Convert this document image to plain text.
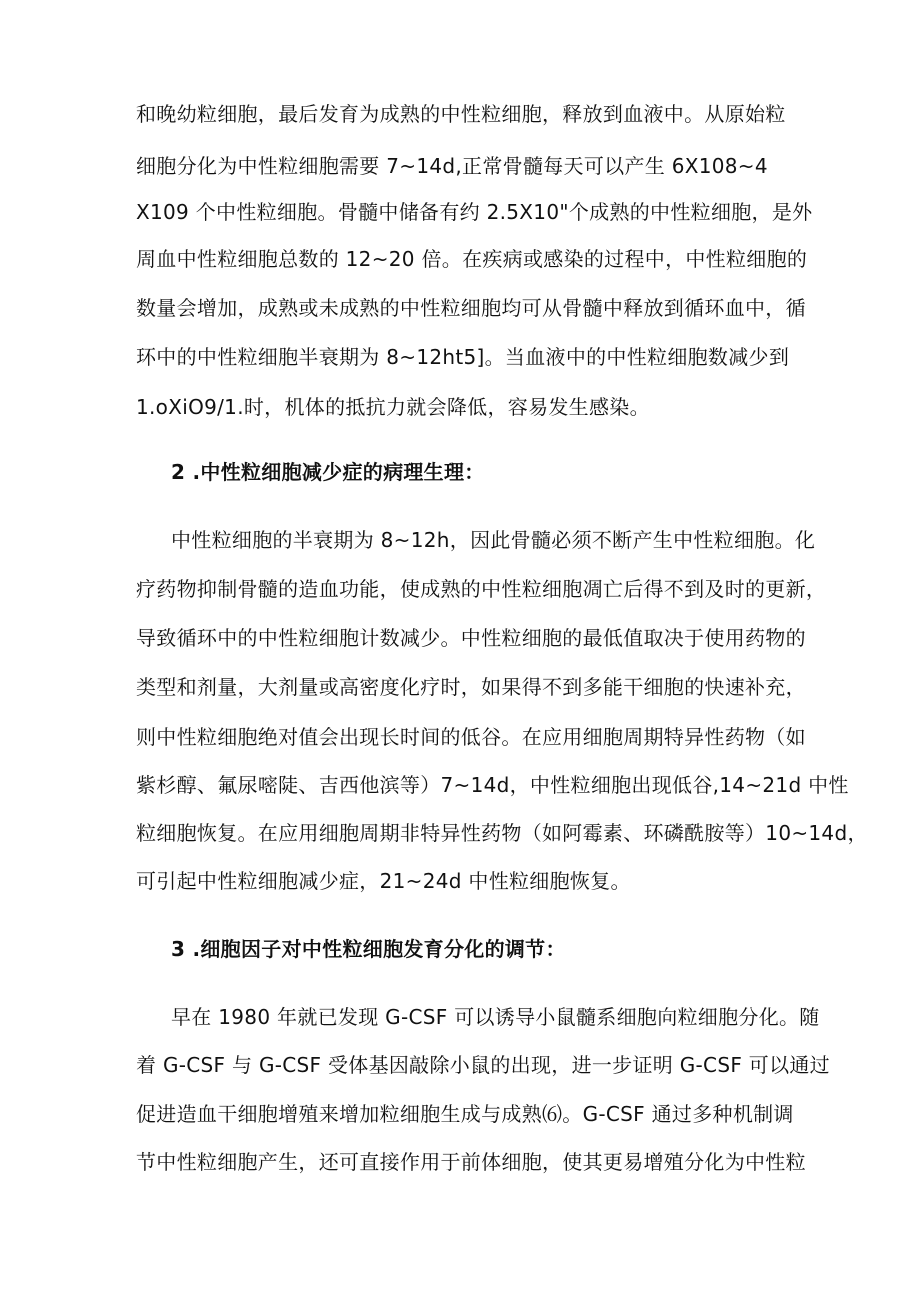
和晚幼粒细胞，最后发育为成熟的中性粒细胞，释放到血液中。从原始粒
细胞分化为中性粒细胞需要 7~14d,正常骨髓每天可以产生 6X108~4
X109 个中性粒细胞。骨髓中储备有约 2.5X10"个成熟的中性粒细胞，是外
周血中性粒细胞总数的 12~20 倍。在疾病或感染的过程中，中性粒细胞的
数量会增加，成熟或未成熟的中性粒细胞均可从骨髓中释放到循环血中，循
环中的中性粒细胞半衰期为 8~12ht5]。当血液中的中性粒细胞数减少到
1.oXiO9/1.时，机体的抵抗力就会降低，容易发生感染。
2 .中性粒细胞减少症的病理生理：
中性粒细胞的半衰期为 8~12h，因此骨髓必须不断产生中性粒细胞。化
疗药物抑制骨髓的造血功能，使成熟的中性粒细胞凋亡后得不到及时的更新，
导致循环中的中性粒细胞计数减少。中性粒细胞的最低值取决于使用药物的
类型和剂量，大剂量或高密度化疗时，如果得不到多能干细胞的快速补充，
则中性粒细胞绝对值会出现长时间的低谷。在应用细胞周期特异性药物（如
紫杉醇、氟尿嘧陡、吉西他滨等）7~14d，中性粒细胞出现低谷,14~21d 中性
粒细胞恢复。在应用细胞周期非特异性药物（如阿霉素、环磷酰胺等）10~14d，
可引起中性粒细胞减少症，21~24d 中性粒细胞恢复。
3 .细胞因子对中性粒细胞发育分化的调节：
早在 1980 年就已发现 G-CSF 可以诱导小鼠髓系细胞向粒细胞分化。随
着 G-CSF 与 G-CSF 受体基因敲除小鼠的出现，进一步证明 G-CSF 可以通过
促进造血干细胞增殖来增加粒细胞生成与成熟⑹。G-CSF 通过多种机制调
节中性粒细胞产生，还可直接作用于前体细胞，使其更易增殖分化为中性粒
